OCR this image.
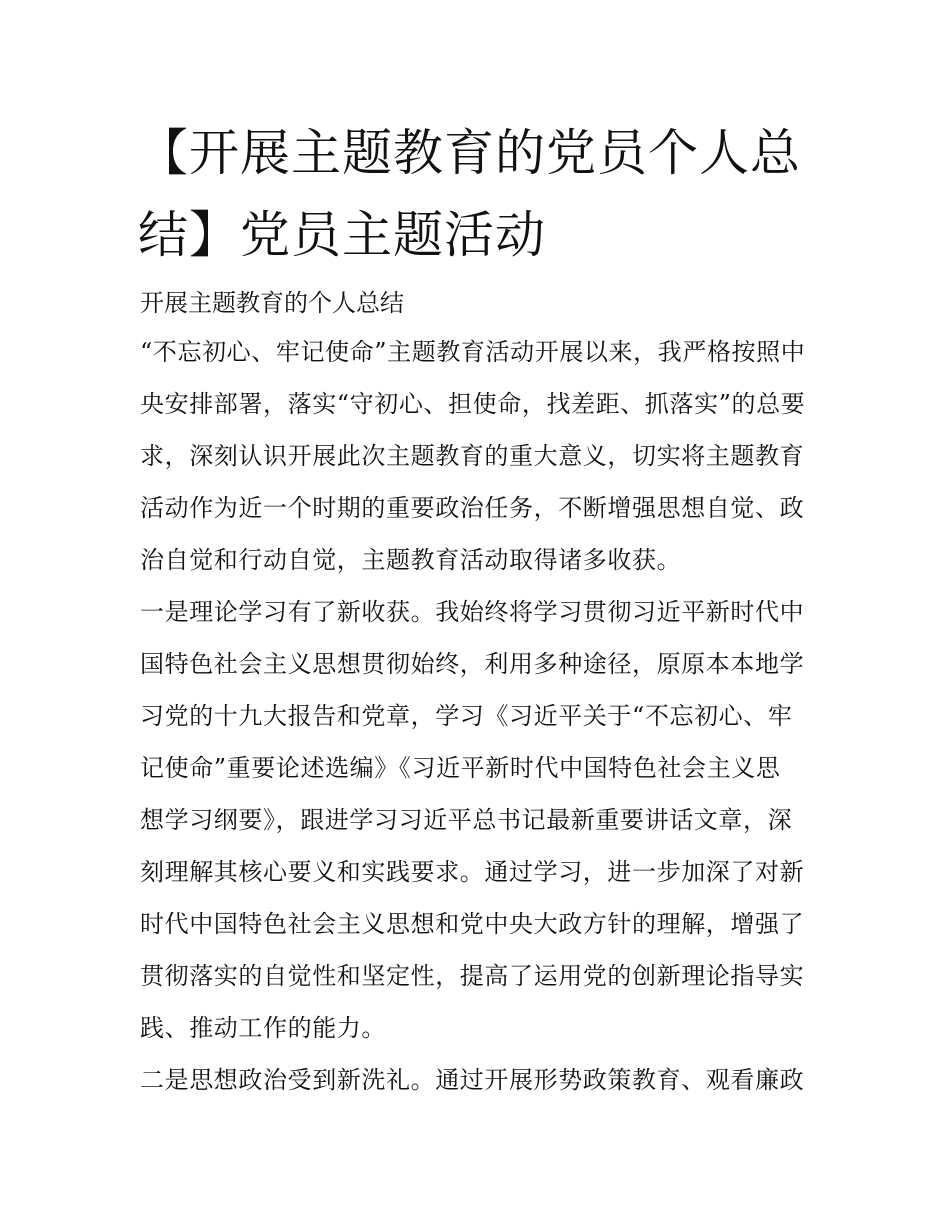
【开展主题教育的党员个人总
结】党员主题活动

开展主题教育的个人总结

“不忘初心、牢记使命”主题教育活动开展以来，我严格按照中
央安排部署，落实“守初心、担使命，找差距、抓落实”的总要
求，深刻认识开展此次主题教育的重大意义，切实将主题教育
活动作为近一个时期的重要政治任务，不断增强思想自觉、政
治自觉和行动自觉，主题教育活动取得诸多收获。
一是理论学习有了新收获。我始终将学习贯彻习近平新时代中
国特色社会主义思想贯彻始终，利用多种途径，原原本本地学
习党的十九大报告和党章，学习《习近平关于“不忘初心、牢
记使命”重要论述选编》《习近平新时代中国特色社会主义思
想学习纲要》，跟进学习习近平总书记最新重要讲话文章，深
刻理解其核心要义和实践要求。通过学习，进一步加深了对新
时代中国特色社会主义思想和党中央大政方针的理解，增强了
贯彻落实的自觉性和坚定性，提高了运用党的创新理论指导实
践、推动工作的能力。
二是思想政治受到新洗礼。通过开展形势政策教育、观看廉政
